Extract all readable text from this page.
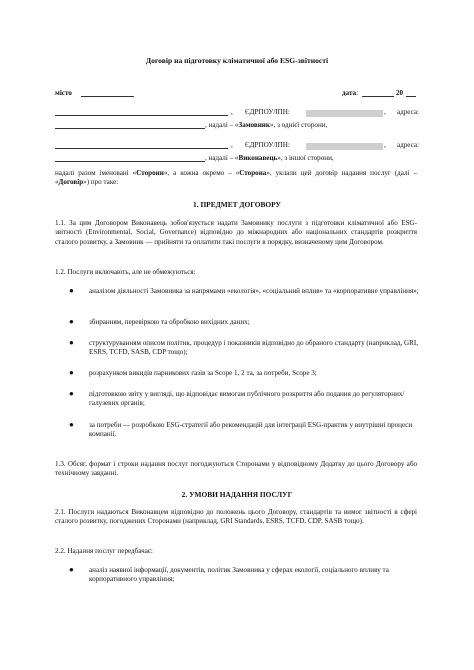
Договір на підготовку кліматичної або ESG-звітності
місто	дата:	20
, ЄДРПОУ/ІПН:	, адреса:
, надалі – «Замовник», з однієї сторони,
, ЄДРПОУ/ІПН:	, адреса:
, надалі – «Виконавець», з іншої сторони,
надалі разом іменовані «Сторони», а кожна окремо – «Сторона», уклали цей договір надання послуг (далі – «Договір») про таке:
1. ПРЕДМЕТ ДОГОВОРУ
1.1. За цим Договором Виконавець зобов'язується надати Замовнику послуги з підготовки кліматичної або ESG-звітності (Environmental, Social, Governance) відповідно до міжнародних або національних стандартів розкриття сталого розвитку, а Замовник — прийняти та оплатити такі послуги в порядку, визначеному цим Договором.
1.2. Послуги включають, але не обмежуються:
● аналізом діяльності Замовника за напрямами «екологія», «соціальний вплив» та «корпоративне управління»;
● збиранням, перевіркою та обробкою вихідних даних;
● структуруванням описом політик, процедур і показників відповідно до обраного стандарту (наприклад, GRI, ESRS, TCFD, SASB, CDP тощо);
● розрахунком викидів парникових газів за Scope 1, 2 та, за потреби, Scope 3;
● підготовкою звіту у вигляді, що відповідає вимогам публічного розкриття або подання до регуляторних/галузевих органів;
● за потреби — розробкою ESG-стратегії або рекомендацій для інтеграції ESG-практик у внутрішні процеси компанії.
1.3. Обсяг, формат і строки надання послуг погоджуються Сторонами у відповідному Додатку до цього Договору або технічному завданні.
2. УМОВИ НАДАННЯ ПОСЛУГ
2.1. Послуги надаються Виконавцем відповідно до положень цього Договору, стандартів та вимог звітності в сфері сталого розвитку, погоджених Сторонами (наприклад, GRI Standards, ESRS, TCFD, CDP, SASB тощо).
2.2. Надання послуг передбачає:
● аналіз наявної інформації, документів, політик Замовника у сферах екології, соціального впливу та корпоративного управління;
